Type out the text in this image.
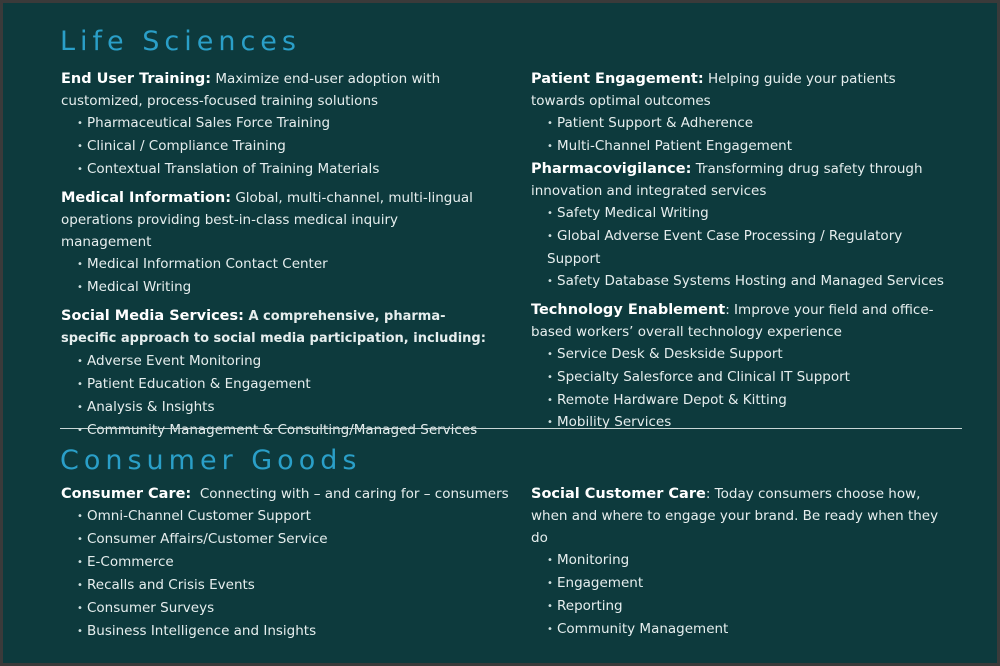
Life Sciences
End User Training: Maximize end-user adoption with customized, process-focused training solutions
• Pharmaceutical Sales Force Training
• Clinical / Compliance Training
• Contextual Translation of Training Materials
Medical Information: Global, multi-channel, multi-lingual operations providing best-in-class medical inquiry management
• Medical Information Contact Center
• Medical Writing
Social Media Services: A comprehensive, pharma-specific approach to social media participation, including:
• Adverse Event Monitoring
• Patient Education & Engagement
• Analysis & Insights
• Community Management & Consulting/Managed Services
Patient Engagement: Helping guide your patients towards optimal outcomes
• Patient Support & Adherence
• Multi-Channel Patient Engagement
Pharmacovigilance: Transforming drug safety through innovation and integrated services
• Safety Medical Writing
• Global Adverse Event Case Processing / Regulatory Support
• Safety Database Systems Hosting and Managed Services
Technology Enablement: Improve your field and office-based workers’ overall technology experience
• Service Desk & Deskside Support
• Specialty Salesforce and Clinical IT Support
• Remote Hardware Depot & Kitting
• Mobility Services
Consumer Goods
Consumer Care: Connecting with – and caring for – consumers
• Omni-Channel Customer Support
• Consumer Affairs/Customer Service
• E-Commerce
• Recalls and Crisis Events
• Consumer Surveys
• Business Intelligence and Insights
Social Customer Care: Today consumers choose how, when and where to engage your brand. Be ready when they do
• Monitoring
• Engagement
• Reporting
• Community Management
